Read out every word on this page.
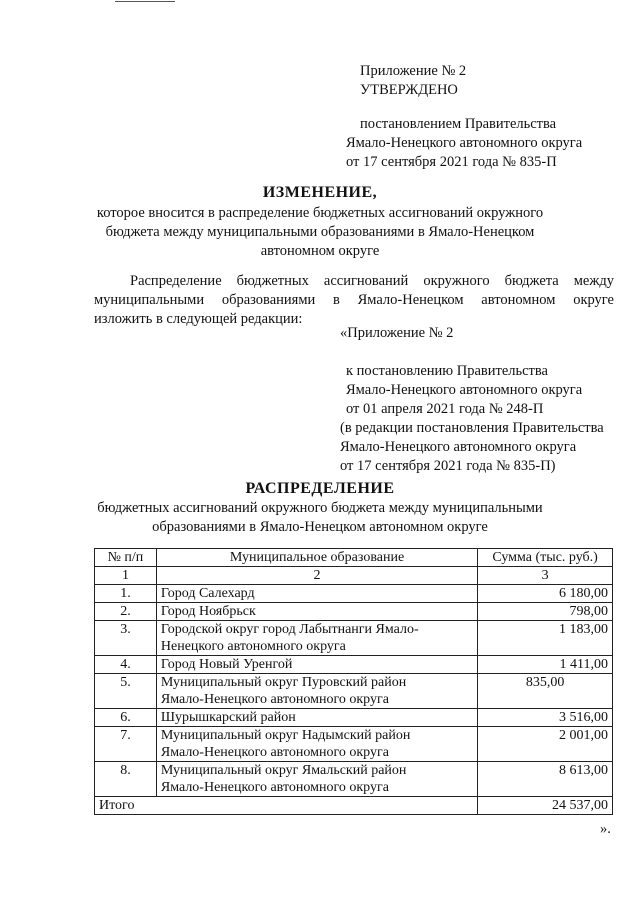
Приложение № 2
УТВЕРЖДЕНО
постановлением Правительства
Ямало-Ненецкого автономного округа
от 17 сентября 2021 года № 835-П
ИЗМЕНЕНИЕ,
которое вносится в распределение бюджетных ассигнований окружного
бюджета между муниципальными образованиями в Ямало-Ненецком
автономном округе
Распределение бюджетных ассигнований окружного бюджета между
муниципальными образованиями в Ямало-Ненецком автономном округе
изложить в следующей редакции:
«Приложение № 2
к постановлению Правительства
Ямало-Ненецкого автономного округа
от 01 апреля 2021 года № 248-П
(в редакции постановления Правительства
Ямало-Ненецкого автономного округа
от 17 сентября 2021 года № 835-П)
РАСПРЕДЕЛЕНИЕ
бюджетных ассигнований окружного бюджета между муниципальными
образованиями в Ямало-Ненецком автономном округе
№ п/п	Муниципальное образование	Сумма (тыс. руб.)
1	2	3
1.	Город Салехард	6 180,00
2.	Город Ноябрьск	798,00
3.	Городской округ город Лабытнанги Ямало-
Ненецкого автономного округа	1 183,00
4.	Город Новый Уренгой	1 411,00
5.	Муниципальный округ Пуровский район
Ямало-Ненецкого автономного округа	835,00
6.	Шурышкарский район	3 516,00
7.	Муниципальный округ Надымский район
Ямало-Ненецкого автономного округа	2 001,00
8.	Муниципальный округ Ямальский район
Ямало-Ненецкого автономного округа	8 613,00
Итого		24 537,00
».
